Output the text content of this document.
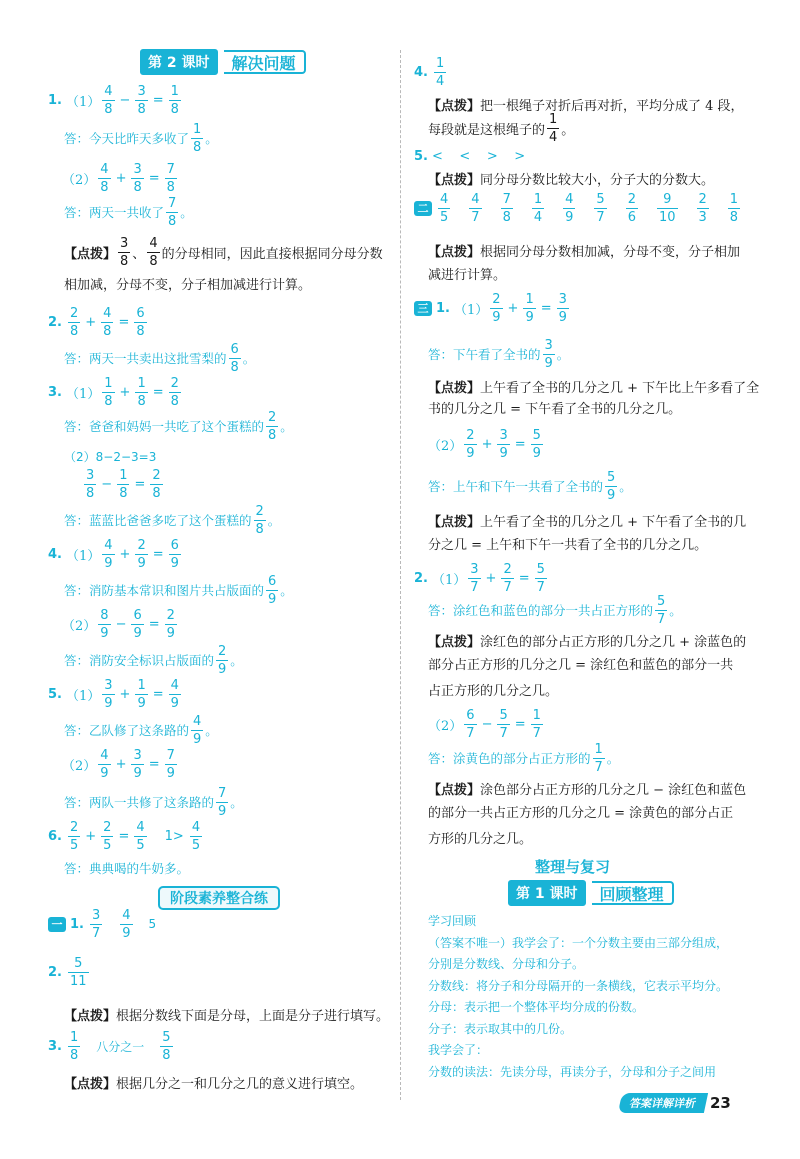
第 2 课时	解决问题
1. $(1) \frac{4}{8} - \frac{3}{8} = \frac{1}{8}$
答：今天比昨天多收了 $\frac{1}{8}$ 。
$(2) \frac{4}{8} + \frac{3}{8} = \frac{7}{8}$
答：两天一共收了 $\frac{7}{8}$ 。
【点拨】 $\frac{3}{8}$ 、 $\frac{4}{8}$ 的分母相同，因此直接根据同分母分数
相加减，分母不变，分子相加减进行计算。
2. $\frac{2}{8} + \frac{4}{8} = \frac{6}{8}$
答：两天一共卖出这批雪梨的 $\frac{6}{8}$ 。
3. $(1) \frac{1}{8} + \frac{1}{8} = \frac{2}{8}$
答：爸爸和妈妈一共吃了这个蛋糕的 $\frac{2}{8}$ 。
（2）8−2−3=3
$\frac{3}{8} - \frac{1}{8} = \frac{2}{8}$
答：蓝蓝比爸爸多吃了这个蛋糕的 $\frac{2}{8}$ 。
4. $(1) \frac{4}{9} + \frac{2}{9} = \frac{6}{9}$
答：消防基本常识和图片共占版面的 $\frac{6}{9}$ 。
$(2) \frac{8}{9} - \frac{6}{9} = \frac{2}{9}$
答：消防安全标识占版面的 $\frac{2}{9}$ 。
5. $(1) \frac{3}{9} + \frac{1}{9} = \frac{4}{9}$
答：乙队修了这条路的 $\frac{4}{9}$ 。
$(2) \frac{4}{9} + \frac{3}{9} = \frac{7}{9}$
答：两队一共修了这条路的 $\frac{7}{9}$ 。
6. $\frac{2}{5} + \frac{2}{5} = \frac{4}{5} 1> \frac{4}{5}$
答：典典喝的牛奶多。
阶段素养整合练
一 1. $\frac{3}{7} \frac{4}{9} 5$
2. $\frac{5}{11}$
【点拨】 根据分数线下面是分母，上面是分子进行填写。
3. $\frac{1}{8}$ 八分之一 $\frac{5}{8}$
【点拨】 根据几分之一和几分之几的意义进行填空。
4. $\frac{1}{4}$
【点拨】 把一根绳子对折后再对折，平均分成了 4 段，
每段就是这根绳子的 $\frac{1}{4}$ 。
5. <    <    >    >
【点拨】 同分母分数比较大小，分子大的分数大。
二 $\frac{4}{5} \frac{4}{7} \frac{7}{8} \frac{1}{4} \frac{4}{9} \frac{5}{7} \frac{2}{6} \frac{9}{10} \frac{2}{3} \frac{1}{8}$
【点拨】 根据同分母分数相加减，分母不变，分子相加
减进行计算。
三 1. $(1) \frac{2}{9} + \frac{1}{9} = \frac{3}{9}$
答：下午看了全书的 $\frac{3}{9}$ 。
【点拨】 上午看了全书的几分之几 + 下午比上午多看了全
书的几分之几 = 下午看了全书的几分之几。
$(2) \frac{2}{9} + \frac{3}{9} = \frac{5}{9}$
答：上午和下午一共看了全书的 $\frac{5}{9}$ 。
【点拨】 上午看了全书的几分之几 + 下午看了全书的几
分之几 = 上午和下午一共看了全书的几分之几。
2. $(1) \frac{3}{7} + \frac{2}{7} = \frac{5}{7}$
答：涂红色和蓝色的部分一共占正方形的 $\frac{5}{7}$ 。
【点拨】 涂红色的部分占正方形的几分之几 + 涂蓝色的
部分占正方形的几分之几 = 涂红色和蓝色的部分一共
占正方形的几分之几。
$(2) \frac{6}{7} - \frac{5}{7} = \frac{1}{7}$
答：涂黄色的部分占正方形的 $\frac{1}{7}$ 。
【点拨】 涂色部分占正方形的几分之几 − 涂红色和蓝色
的部分一共占正方形的几分之几 = 涂黄色的部分占正
方形的几分之几。
整理与复习
第 1 课时	回顾整理
学习回顾
（答案不唯一）我学会了：一个分数主要由三部分组成，
分别是分数线、分母和分子。
分数线：将分子和分母隔开的一条横线，它表示平均分。
分母：表示把一个整体平均分成的份数。
分子：表示取其中的几份。
我学会了：
分数的读法：先读分母，再读分子，分母和分子之间用
答案详解详析 23
